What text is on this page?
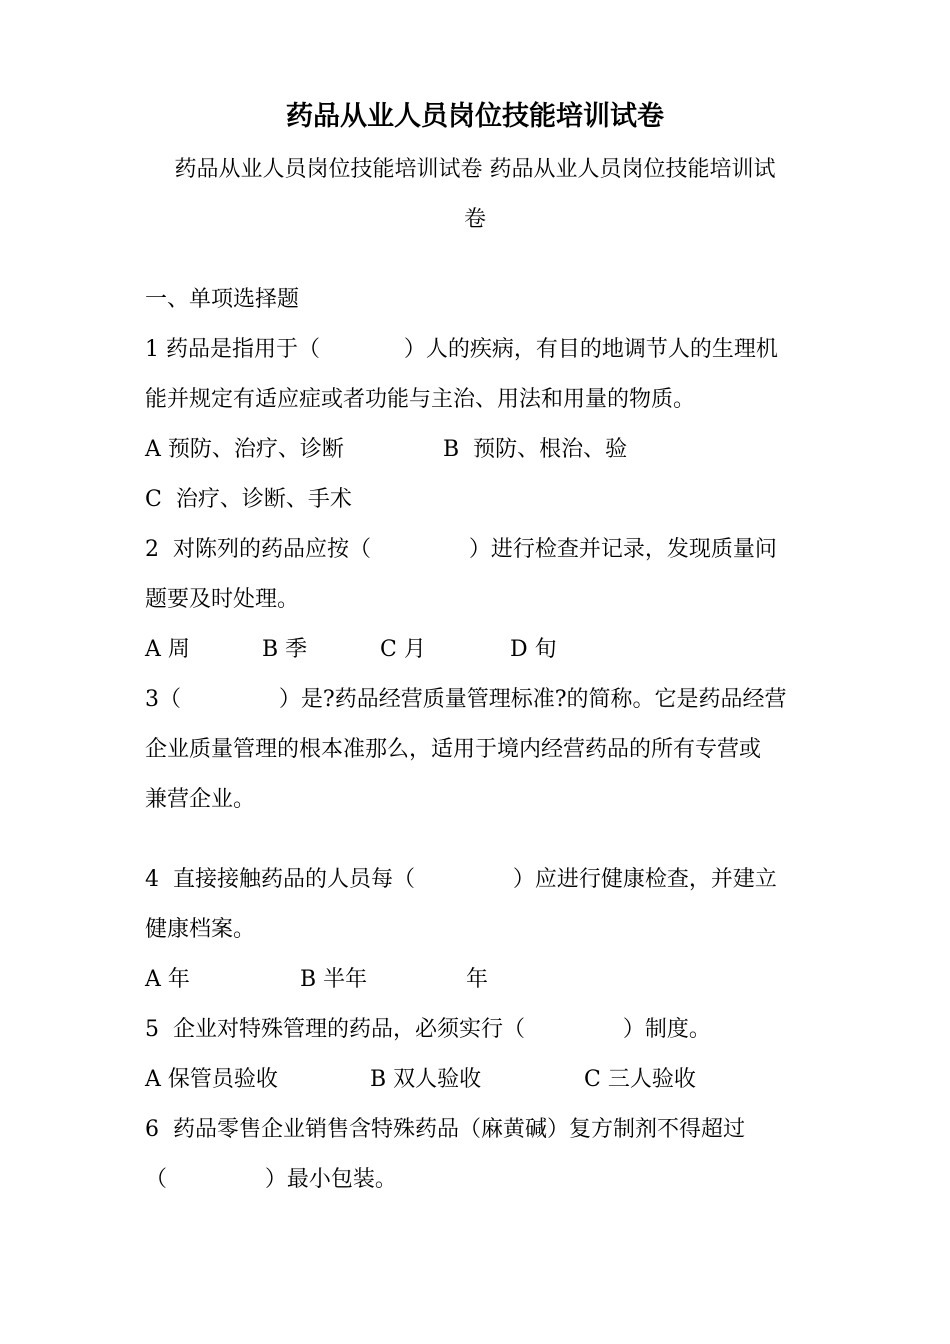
药品从业人员岗位技能培训试卷
药品从业人员岗位技能培训试卷 药品从业人员岗位技能培训试
卷
一、单项选择题
1 药品是指用于（            ）人的疾病，有目的地调节人的生理机
能并规定有适应症或者功能与主治、用法和用量的物质。
A 预防、治疗、诊断	B  预防、根治、验
C  治疗、诊断、手术
2  对陈列的药品应按（              ）进行检查并记录，发现质量问
题要及时处理。
A 周	B 季	C 月	D 旬
3（              ）是?药品经营质量管理标准?的简称。它是药品经营
企业质量管理的根本准那么，适用于境内经营药品的所有专营或
兼营企业。
4  直接接触药品的人员每（              ）应进行健康检查，并建立
健康档案。
A 年	B 半年	年
5  企业对特殊管理的药品，必须实行（              ）制度。
A 保管员验收	B 双人验收	C 三人验收
6  药品零售企业销售含特殊药品（麻黄碱）复方制剂不得超过
（              ）最小包装。
